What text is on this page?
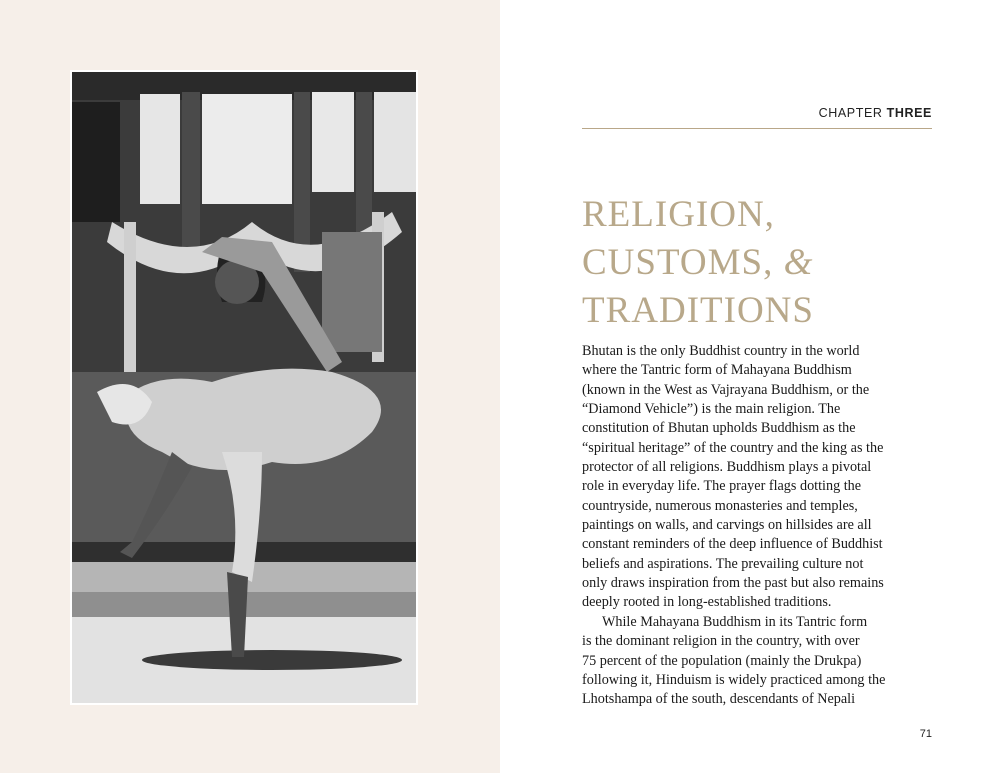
CHAPTER THREE
RELIGION,
CUSTOMS, &
TRADITIONS
Bhutan is the only Buddhist country in the world
where the Tantric form of Mahayana Buddhism
(known in the West as Vajrayana Buddhism, or the
“Diamond Vehicle”) is the main religion. The
constitution of Bhutan upholds Buddhism as the
“spiritual heritage” of the country and the king as the
protector of all religions. Buddhism plays a pivotal
role in everyday life. The prayer flags dotting the
countryside, numerous monasteries and temples,
paintings on walls, and carvings on hillsides are all
constant reminders of the deep influence of Buddhist
beliefs and aspirations. The prevailing culture not
only draws inspiration from the past but also remains
deeply rooted in long-established traditions.
While Mahayana Buddhism in its Tantric form
is the dominant religion in the country, with over
75 percent of the population (mainly the Drukpa)
following it, Hinduism is widely practiced among the
Lhotshampa of the south, descendants of Nepali
71
